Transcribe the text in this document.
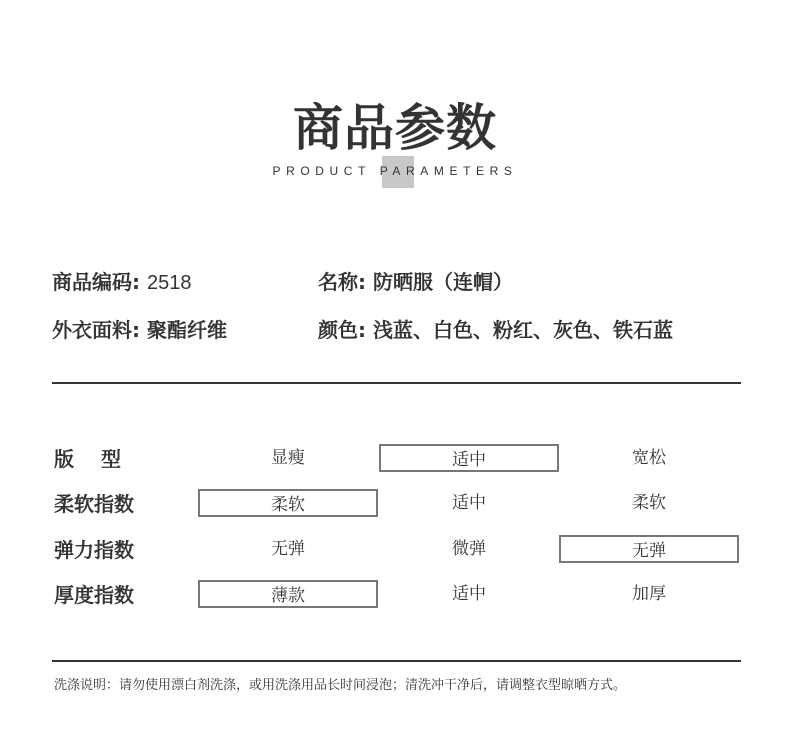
商品参数
PRODUCT PARAMETERS
商品编码: 2518	名称: 防晒服（连帽）
外衣面料: 聚酯纤维	颜色: 浅蓝、白色、粉红、灰色、铁石蓝
版　 型	显瘦	适中	宽松
柔软指数	柔软	适中	柔软
弹力指数	无弹	微弹	无弹
厚度指数	薄款	适中	加厚
洗涤说明：请勿使用漂白剂洗涤，或用洗涤用品长时间浸泡；清洗冲干净后，请调整衣型晾晒方式。
